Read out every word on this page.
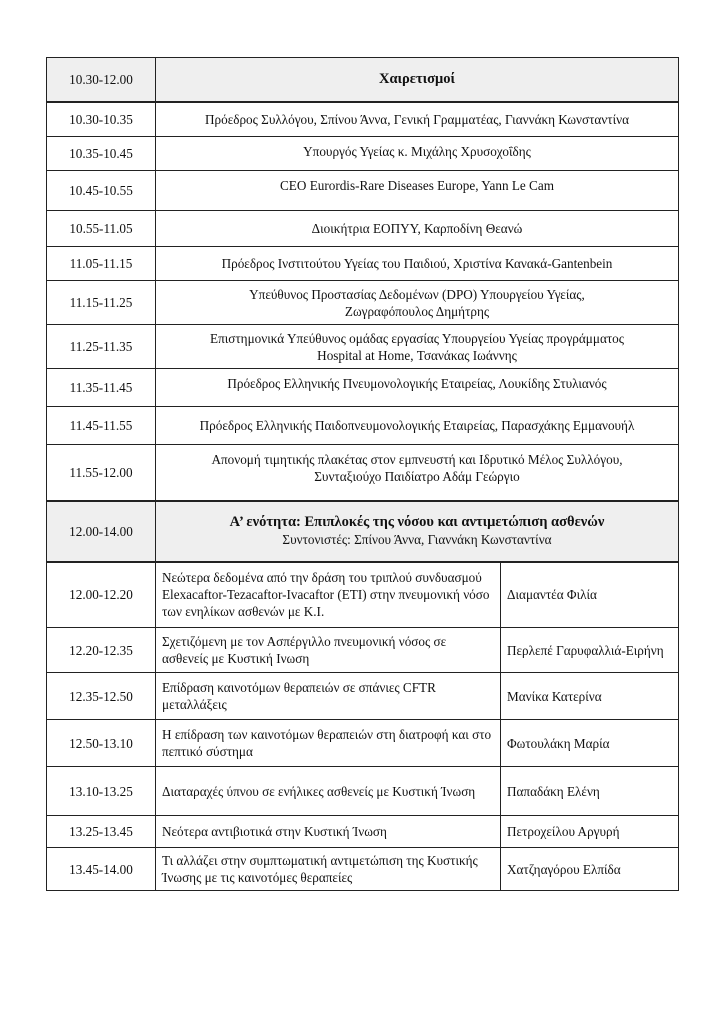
10.30-12.00	Χαιρετισμοί	
10.30-10.35	Πρόεδρος Συλλόγου, Σπίνου Άννα, Γενική Γραμματέας, Γιαννάκη Κωνσταντίνα	
10.35-10.45	Υπουργός Υγείας κ. Μιχάλης Χρυσοχοΐδης	
10.45-10.55	CEO Eurordis-Rare Diseases Europe, Yann Le Cam	
10.55-11.05	Διοικήτρια ΕΟΠΥΥ, Καρποδίνη Θεανώ	
11.05-11.15	Πρόεδρος Ινστιτούτου Υγείας του Παιδιού, Χριστίνα Κανακά-Gantenbein	
11.15-11.25	Υπεύθυνος Προστασίας Δεδομένων (DPO) Υπουργείου Υγείας,
Ζωγραφόπουλος Δημήτρης	
11.25-11.35	Επιστημονικά Υπεύθυνος ομάδας εργασίας Υπουργείου Υγείας προγράμματος
Hospital at Home, Τσανάκας Ιωάννης	
11.35-11.45	Πρόεδρος Ελληνικής Πνευμονολογικής Εταιρείας, Λουκίδης Στυλιανός	
11.45-11.55	Πρόεδρος Ελληνικής Παιδοπνευμονολογικής Εταιρείας, Παρασχάκης Εμμανουήλ	
11.55-12.00	Απονομή τιμητικής πλακέτας στον εμπνευστή και Ιδρυτικό Μέλος Συλλόγου,
Συνταξιούχο Παιδίατρο Αδάμ Γεώργιο	
12.00-14.00	Α’ ενότητα: Επιπλοκές της νόσου και αντιμετώπιση ασθενών
Συντονιστές: Σπίνου Άννα, Γιαννάκη Κωνσταντίνα	

12.00-12.20	Νεώτερα δεδομένα από την δράση του τριπλού συνδυασμού Elexacaftor-Tezacaftor-Ivacaftor (ETI) στην πνευμονική νόσο των ενηλίκων ασθενών με Κ.Ι.	Διαμαντέα Φιλία
12.20-12.35	Σχετιζόμενη με τον Ασπέργιλλο πνευμονική νόσος σε ασθενείς με Κυστική Ινωση	Περλεπέ Γαρυφαλλιά-Ειρήνη
12.35-12.50	Επίδραση καινοτόμων θεραπειών σε σπάνιες CFTR μεταλλάξεις	Μανίκα Κατερίνα
12.50-13.10	Η επίδραση των καινοτόμων θεραπειών στη διατροφή και στο πεπτικό σύστημα	Φωτουλάκη Μαρία
13.10-13.25	Διαταραχές ύπνου σε ενήλικες ασθενείς με Κυστική Ίνωση	Παπαδάκη Ελένη
13.25-13.45	Νεότερα αντιβιοτικά στην Κυστική Ίνωση	Πετροχείλου Αργυρή
13.45-14.00	Τι αλλάζει στην συμπτωματική αντιμετώπιση της Κυστικής Ίνωσης με τις καινοτόμες θεραπείες	Χατζηαγόρου Ελπίδα
